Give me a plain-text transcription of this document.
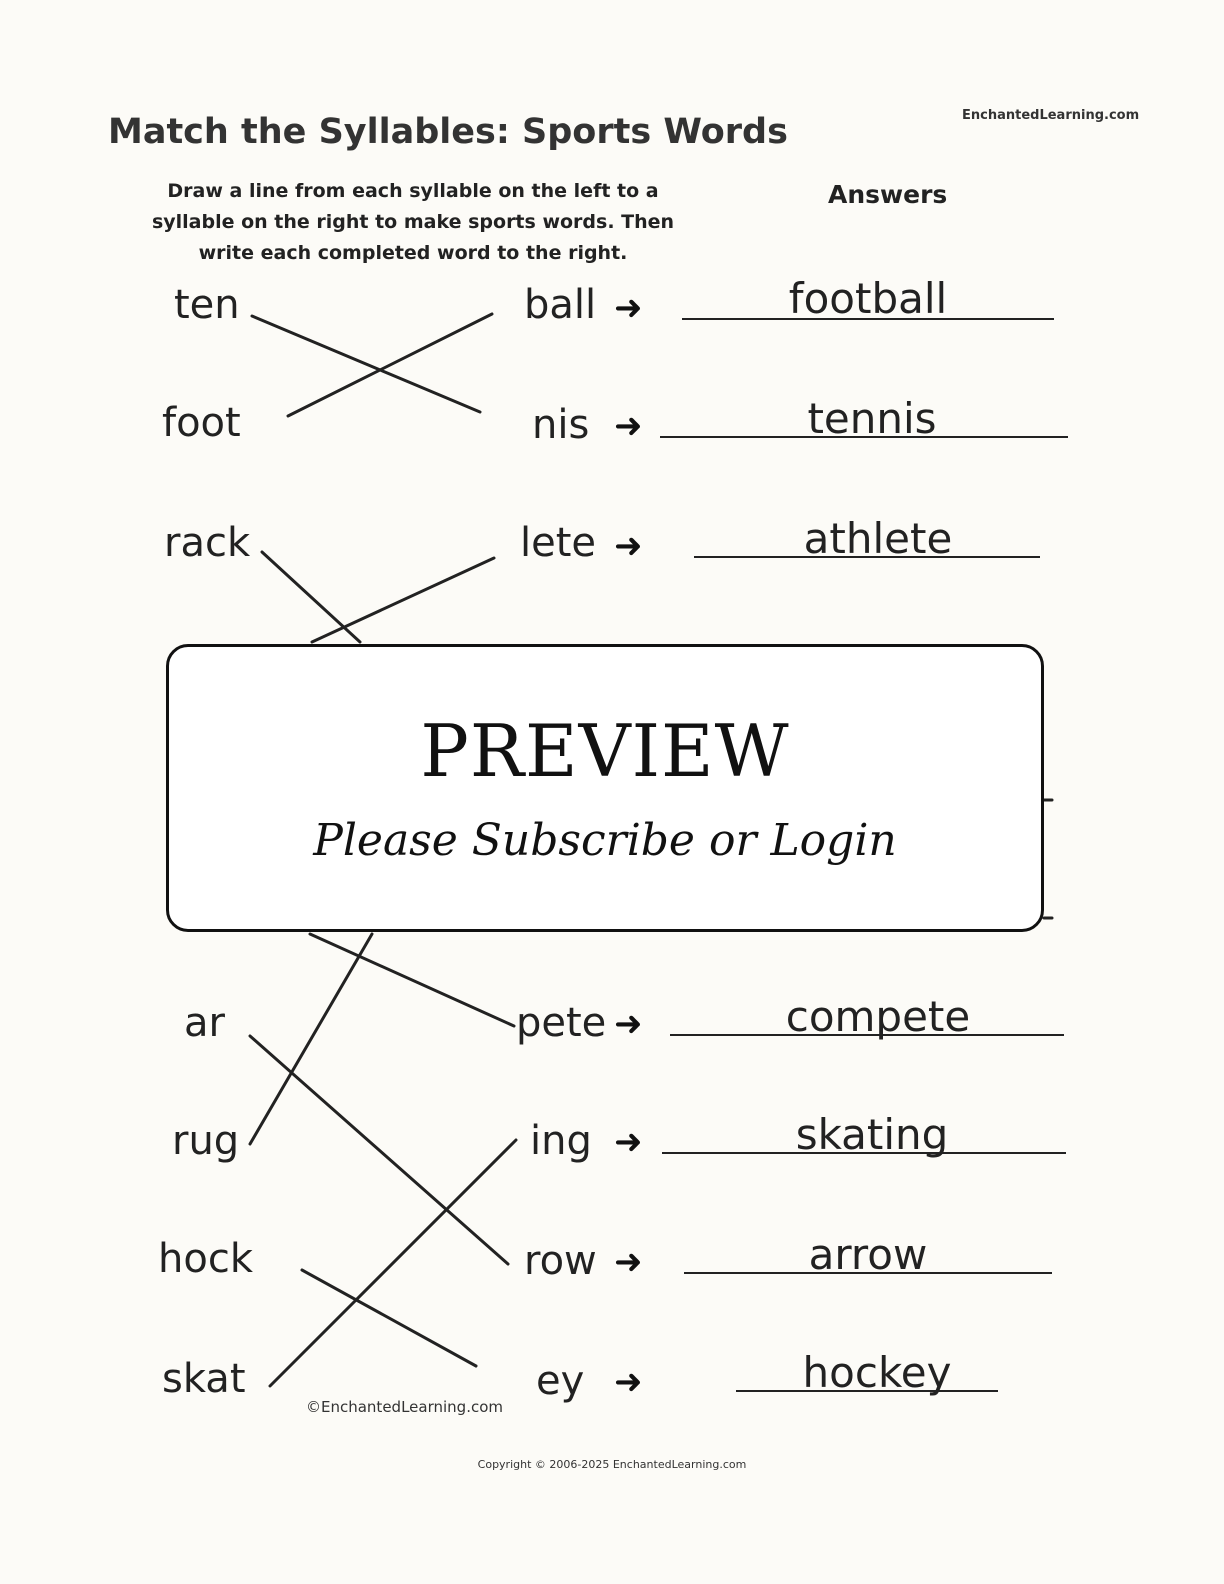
Match the Syllables: Sports Words	EnchantedLearning.com
Draw a line from each syllable on the left to a syllable on the right to make sports words. Then write each completed word to the right.
Answers
ten
foot
rack
ar
rug
hock
skat
ball
nis
lete
pete
ing
row
ey
➜
➜
➜
➜
➜
➜
➜
football
tennis
athlete
compete
skating
arrow
hockey
PREVIEW
Please Subscribe or Login
©EnchantedLearning.com
Copyright © 2006-2025 EnchantedLearning.com
